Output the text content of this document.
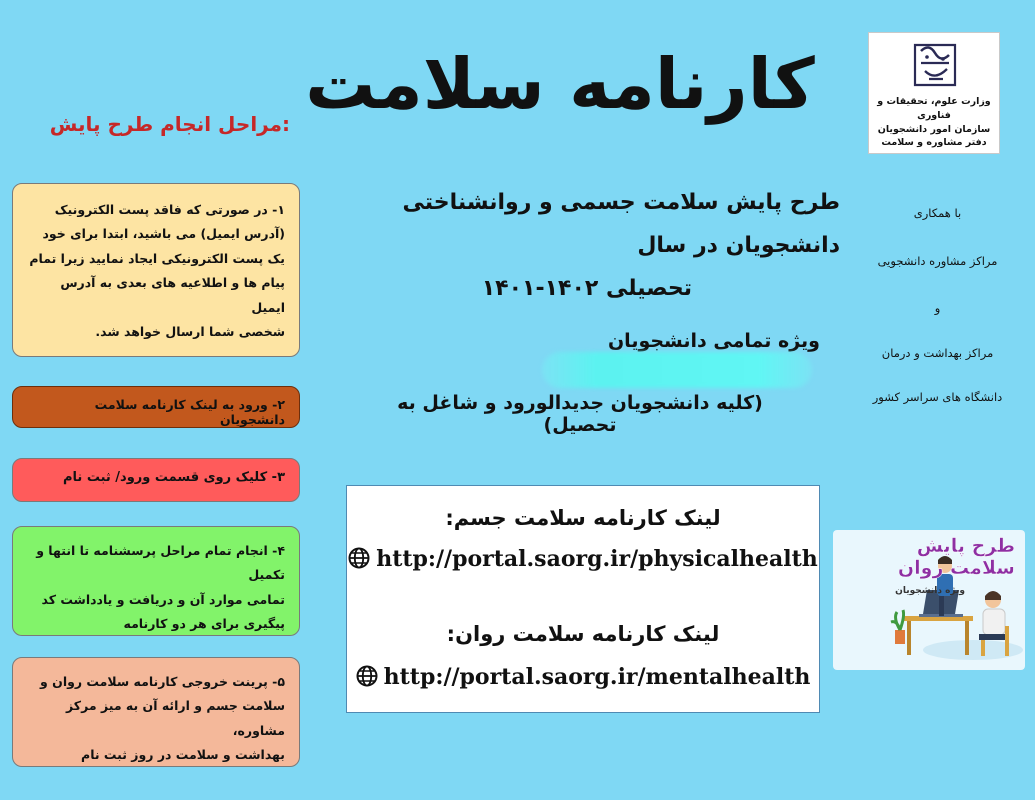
کارنامه سلامت	وزارت علوم، تحقیقات و فناوری
سازمان امور دانشجویان
دفتر مشاوره و سلامت
مراحل انجام طرح پایش:
۱- در صورتی که فاقد پست الکترونیک
(آدرس ایمیل) می باشید، ابتدا برای خود
یک پست الکترونیکی ایجاد نمایید زیرا تمام
پیام ها و اطلاعیه های بعدی به آدرس ایمیل
شخصی شما ارسال خواهد شد.
۲- ورود به لینک کارنامه سلامت دانشجویان
۳- کلیک روی قسمت ورود/ ثبت نام
۴- انجام تمام مراحل پرسشنامه تا انتها و تکمیل
تمامی موارد آن و دریافت و یادداشت کد
پیگیری برای هر دو کارنامه
۵- پرینت خروجی کارنامه سلامت روان و
سلامت جسم و ارائه آن به میز مرکز مشاوره،
بهداشت و سلامت در روز ثبت نام
طرح پایش سلامت جسمی و روانشناختی دانشجویان در سال
تحصیلی ۱۴۰۲-۱۴۰۱
با همکاری
مراکز مشاوره دانشجویی
و
مراکز بهداشت و درمان
دانشگاه های سراسر کشور
ویژه تمامی دانشجویان
(کلیه دانشجویان جدیدالورود و شاغل به تحصیل)
لینک کارنامه سلامت جسم:
http://portal.saorg.ir/physicalhealth
لینک کارنامه سلامت روان:
http://portal.saorg.ir/mentalhealth
طرح پایش
سلامت روان
ویژه دانشجویان
